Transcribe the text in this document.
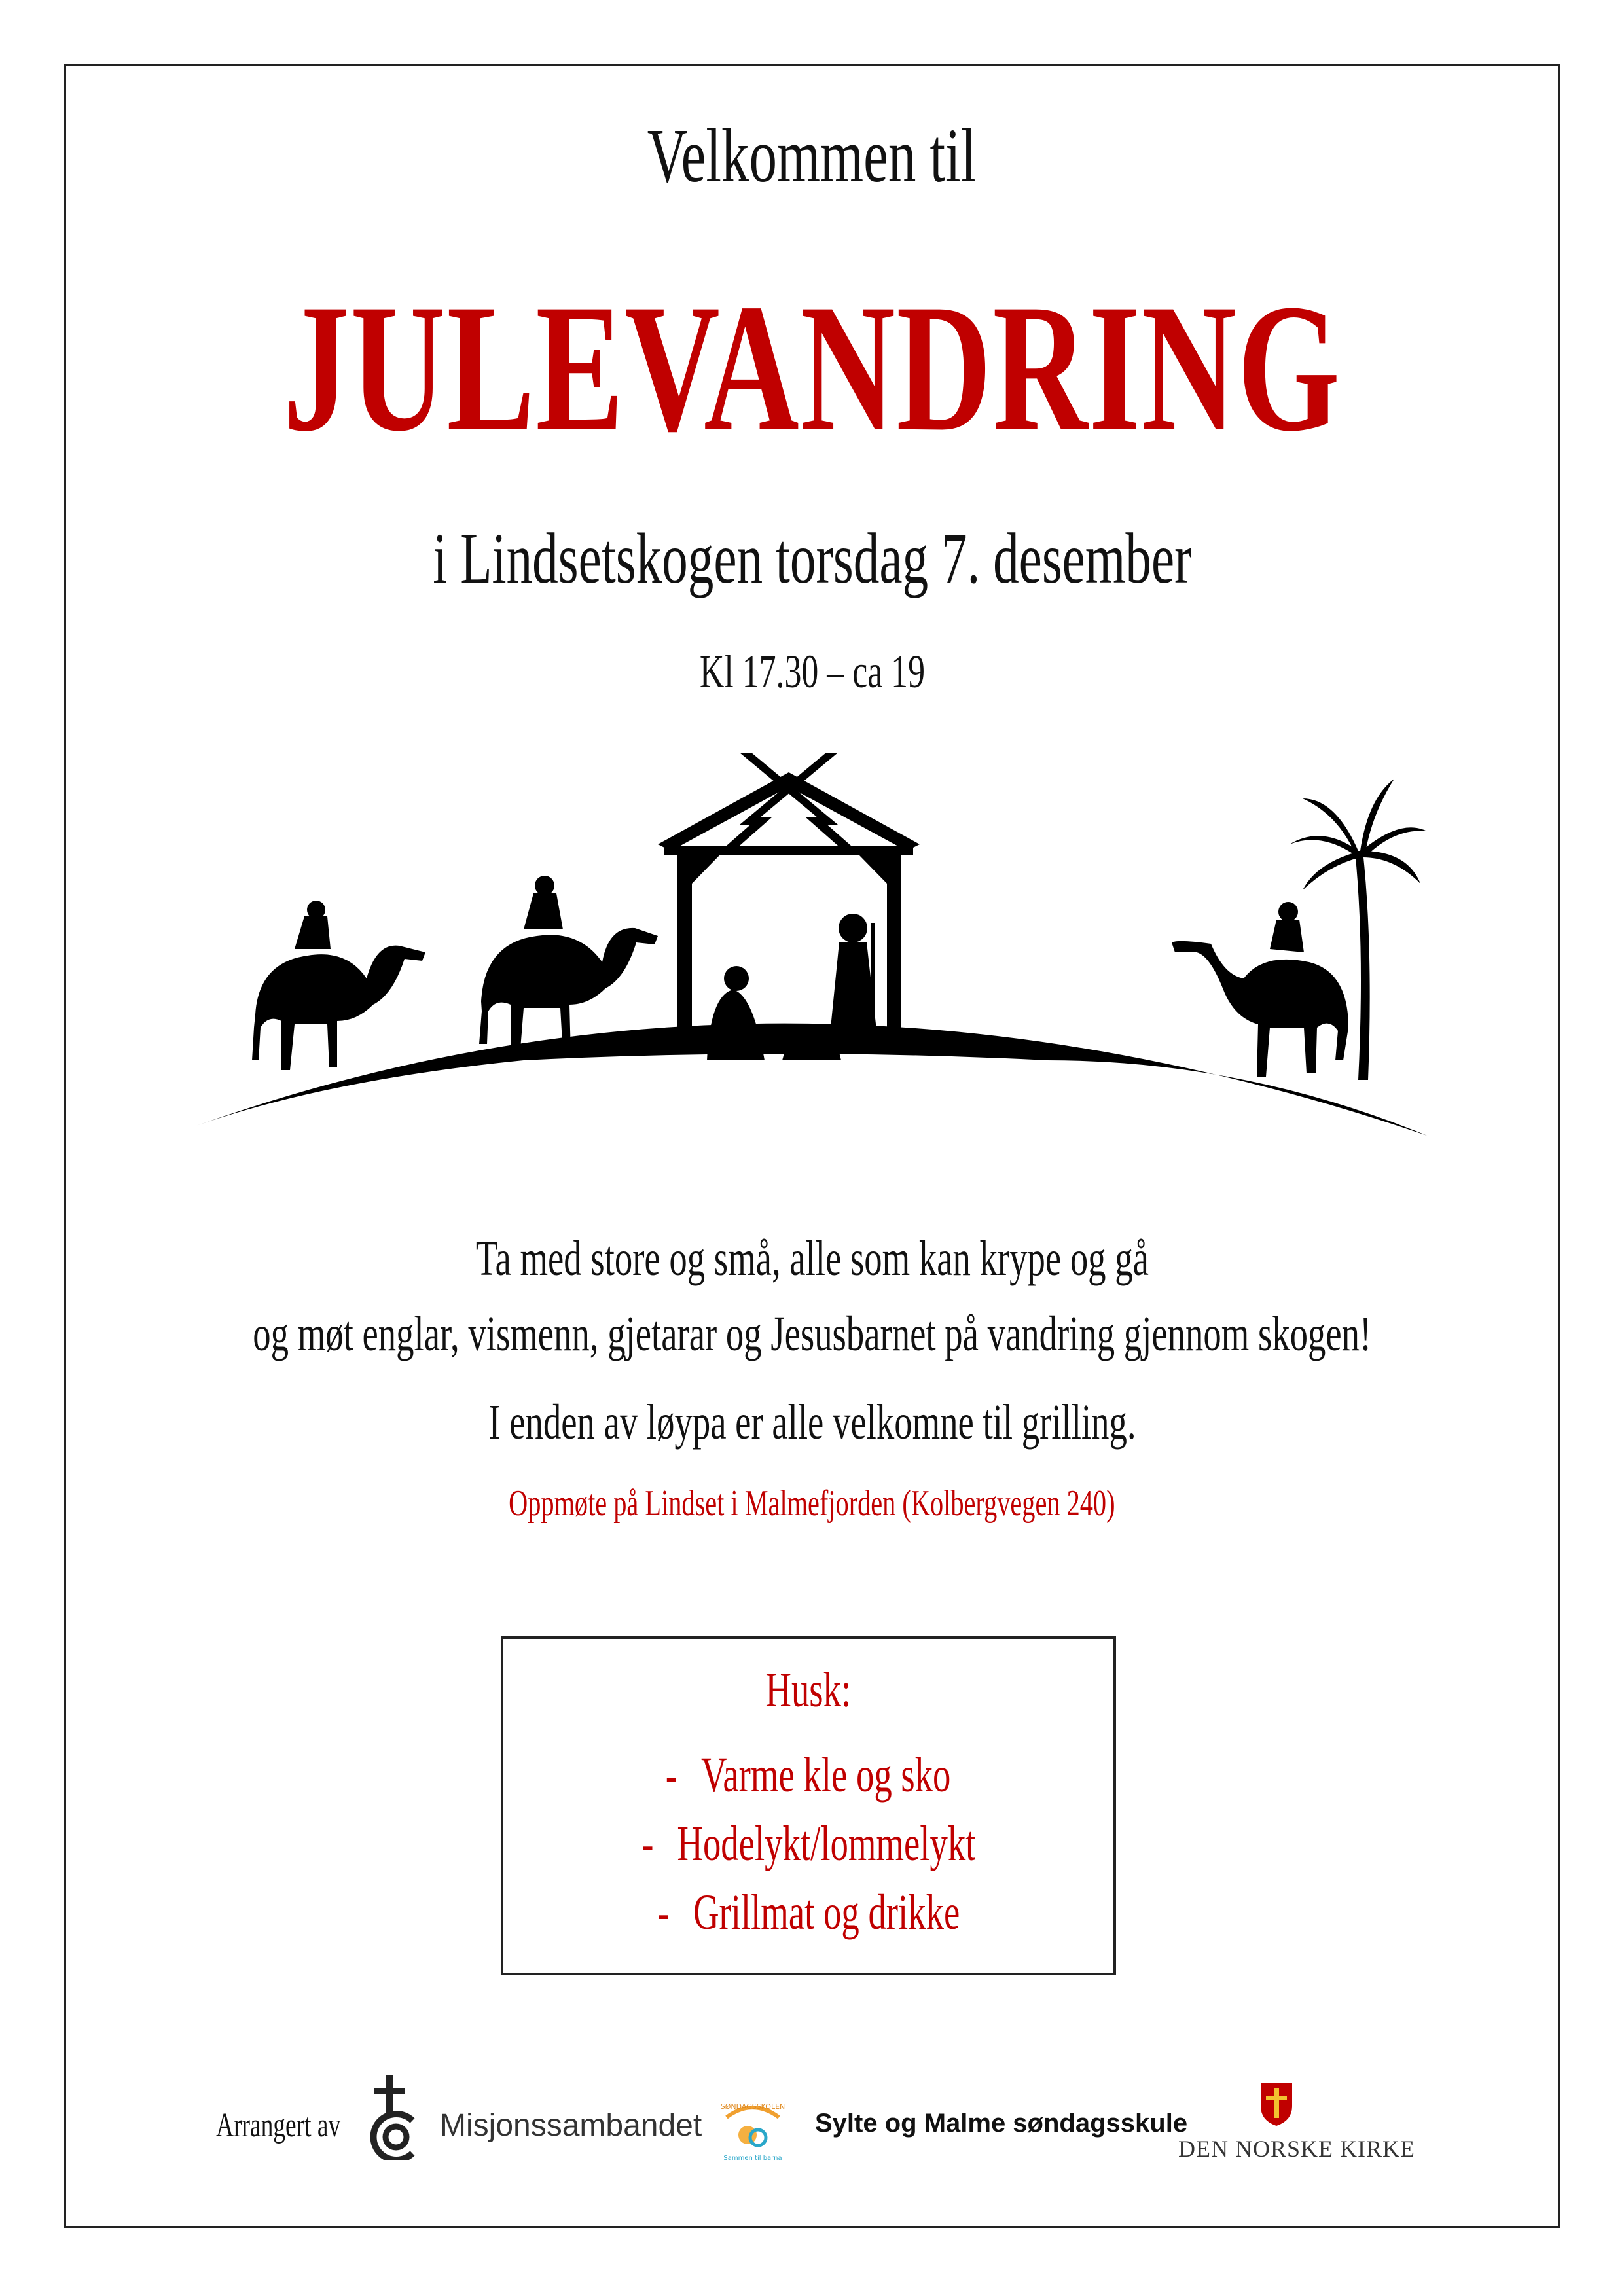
Velkommen til
JULEVANDRING
i Lindsetskogen torsdag 7. desember
Kl 17.30 – ca 19
Ta med store og små, alle som kan krype og gå
og møt englar, vismenn, gjetarar og Jesusbarnet på vandring gjennom skogen!
I enden av løypa er alle velkomne til grilling.
Oppmøte på Lindset i Malmefjorden (Kolbergvegen 240)
Husk:
- Varme kle og sko
- Hodelykt/lommelykt
- Grillmat og drikke
Arrangert av	Misjonssambandet
SØNDAGSSKOLEN
Sammen til barna
Sylte og Malme søndagsskule
DEN NORSKE KIRKE
